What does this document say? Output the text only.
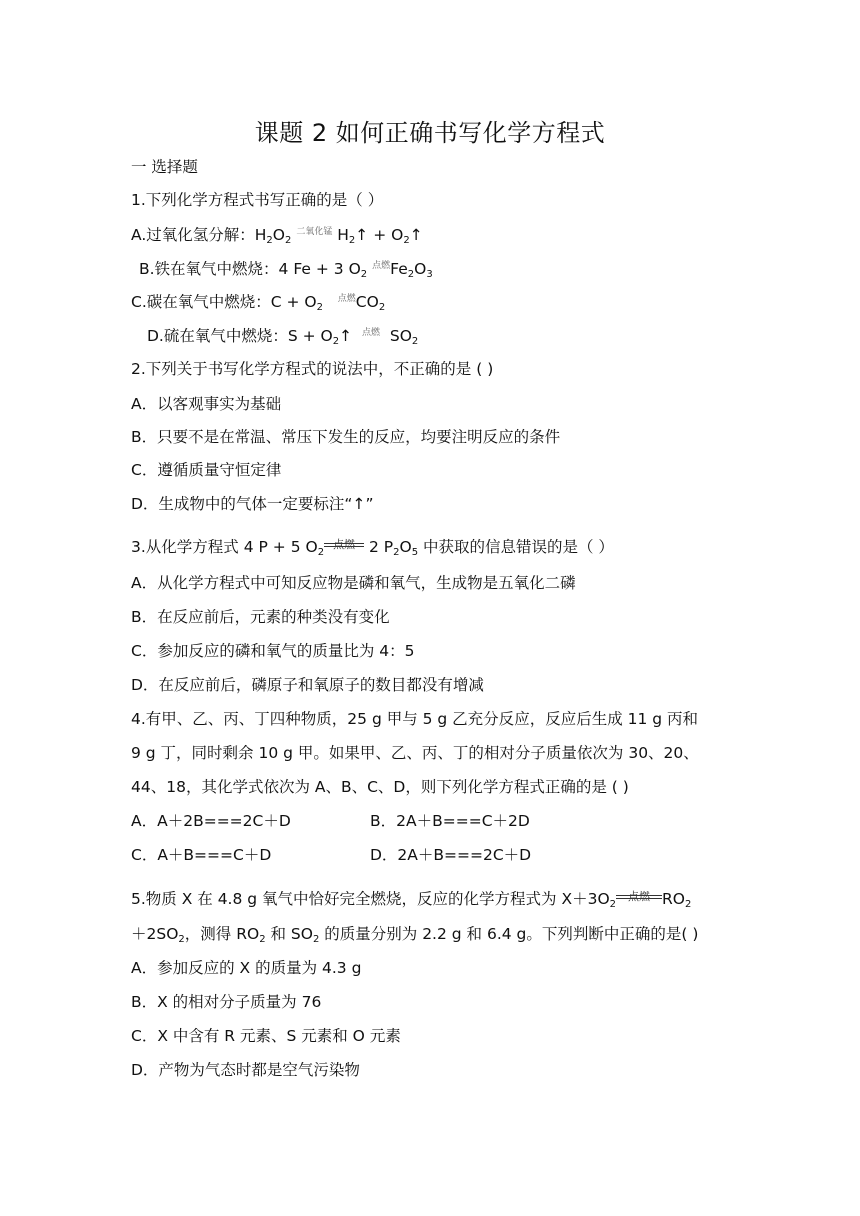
课题 2 如何正确书写化学方程式
一 选择题
1.下列化学方程式书写正确的是（ ）
A.过氧化氢分解：$H_2O_2$
二氧化锰 $H_2↑$ + $O_2↑$
B.铁在氧气中燃烧：4 Fe + 3 $O_2$
点燃 $Fe_2O_3$
C.碳在氧气中燃烧：$C + O_2$
点燃 $CO_2$
D.硫在氧气中燃烧：$S + O_2↑$ 点燃 $SO_2$
2.下列关于书写化学方程式的说法中，不正确的是 ( )
A．以客观事实为基础
B．只要不是在常温、常压下发生的反应，均要注明反应的条件
C．遵循质量守恒定律
D．生成物中的气体一定要标注“↑”
3.从化学方程式 4 P + 5 $O_2$
点燃 2 $P_2O_5$ 中获取的信息错误的是（ ）
A．从化学方程式中可知反应物是磷和氧气，生成物是五氧化二磷
B．在反应前后，元素的种类没有变化
C．参加反应的磷和氧气的质量比为 4：5
D．在反应前后，磷原子和氧原子的数目都没有增减
4.有甲、乙、丙、丁四种物质，25 g 甲与 5 g 乙充分反应，反应后生成 11 g 丙和
9 g 丁，同时剩余 10 g 甲。如果甲、乙、丙、丁的相对分子质量依次为 30、20、
44、18，其化学式依次为 A、B、C、D，则下列化学方程式正确的是 ( )
A．A＋2B===2C＋D	B．2A＋B===C＋2D
C．A＋B===C＋D	D．2A＋B===2C＋D
5.物质 X 在 4.8 g 氧气中恰好完全燃烧，反应的化学方程式为 $X+3O_2$
点燃 $RO_2$
$+2SO_2$，测得 $RO_2$ 和 $SO_2$ 的质量分别为 2.2 g 和 6.4 g。下列判断中正确的是( )
A．参加反应的 X 的质量为 4.3 g
B．X 的相对分子质量为 76
C．X 中含有 R 元素、S 元素和 O 元素
D．产物为气态时都是空气污染物
